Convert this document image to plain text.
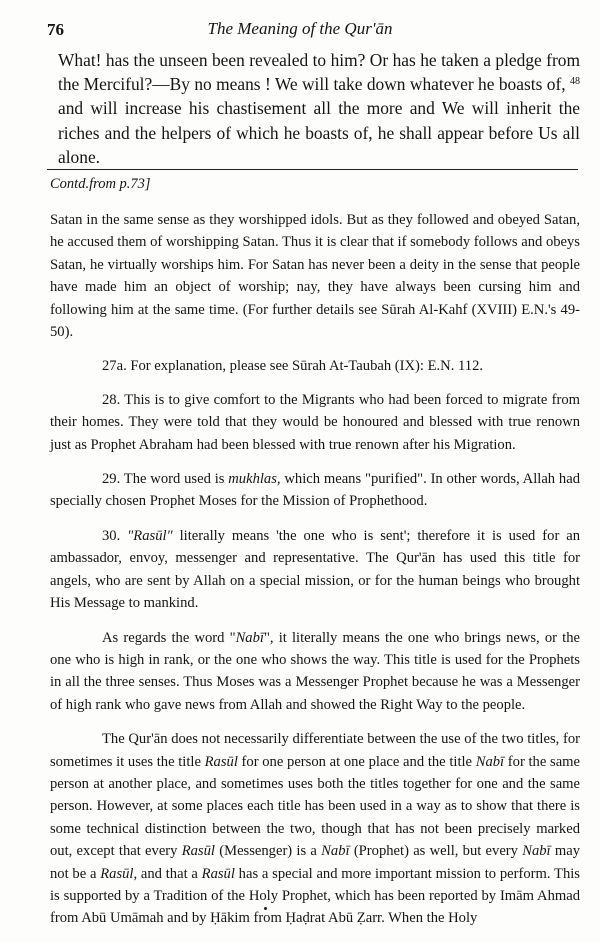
76	The Meaning of the Qur'ān
What! has the unseen been revealed to him? Or has he taken a pledge from the Merciful?—By no means ! We will take down whatever he boasts of, $^{48}$ and will increase his chastisement all the more and We will inherit the riches and the helpers of which he boasts of, he shall appear before Us all alone.
Contd.from p.73]

Satan in the same sense as they worshipped idols. But as they followed and obeyed Satan, he accused them of worshipping Satan. Thus it is clear that if somebody follows and obeys Satan, he virtually worships him. For Satan has never been a deity in the sense that people have made him an object of worship; nay, they have always been cursing him and following him at the same time. (For further details see Sūrah Al-Kahf (XVIII) E.N.'s 49-50).

27a. For explanation, please see Sūrah At-Taubah (IX): E.N. 112.

28. This is to give comfort to the Migrants who had been forced to migrate from their homes. They were told that they would be honoured and blessed with true renown just as Prophet Abraham had been blessed with true renown after his Migration.

29. The word used is mukhlas, which means "purified". In other words, Allah had specially chosen Prophet Moses for the Mission of Prophethood.

30. "Rasūl" literally means 'the one who is sent'; therefore it is used for an ambassador, envoy, messenger and representative. The Qur'ān has used this title for angels, who are sent by Allah on a special mission, or for the human beings who brought His Message to mankind.

As regards the word "Nabī", it literally means the one who brings news, or the one who is high in rank, or the one who shows the way. This title is used for the Prophets in all the three senses. Thus Moses was a Messenger Prophet because he was a Messenger of high rank who gave news from Allah and showed the Right Way to the people.

The Qur'ān does not necessarily differentiate between the use of the two titles, for sometimes it uses the title Rasūl for one person at one place and the title Nabī for the same person at another place, and sometimes uses both the titles together for one and the same person. However, at some places each title has been used in a way as to show that there is some technical distinction between the two, though that has not been precisely marked out, except that every Rasūl (Messenger) is a Nabī (Prophet) as well, but every Nabī may not be a Rasūl, and that a Rasūl has a special and more important mission to perform. This is supported by a Tradition of the Holy Prophet, which has been reported by Imām Ahmad from Abū Umāmah and by Ḥākim from Ḥaḍrat Abū Ẓarr. When the Holy
